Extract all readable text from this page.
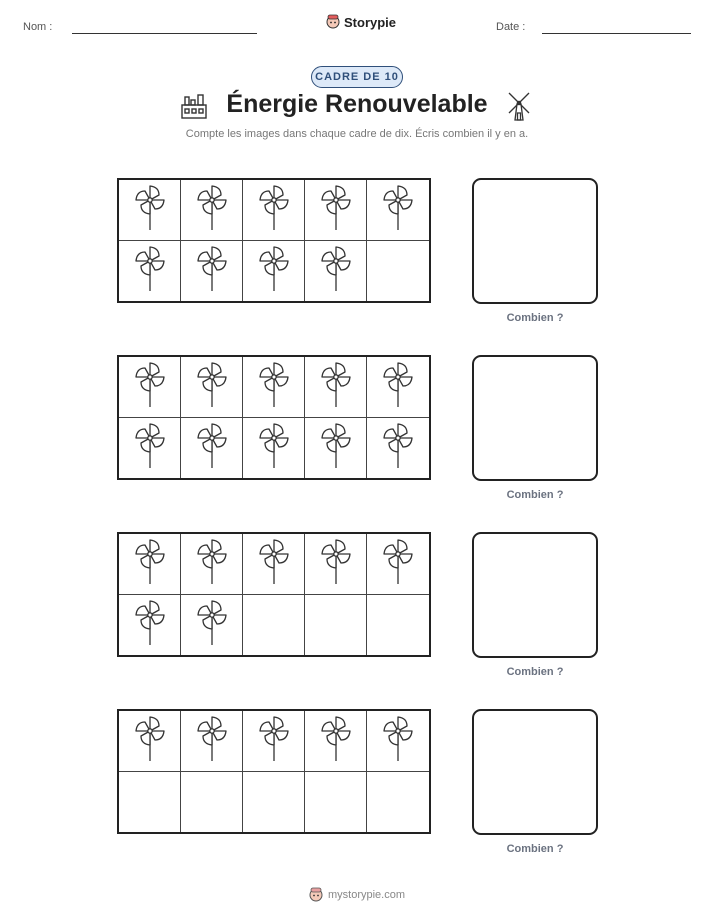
Nom :	Storypie	Date :
CADRE DE 10
Énergie Renouvelable
Compte les images dans chaque cadre de dix. Écris combien il y en a.
Combien ?
Combien ?
Combien ?
Combien ?
mystorypie.com
